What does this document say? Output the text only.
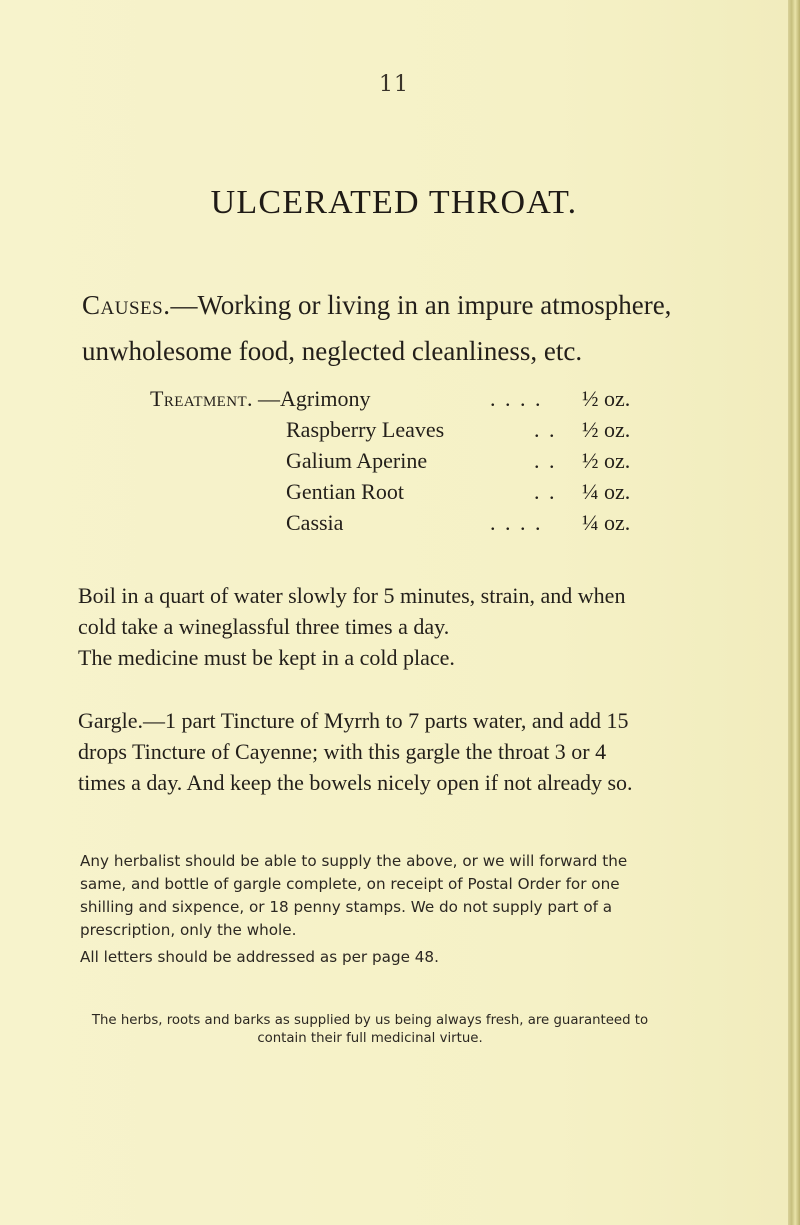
11
ULCERATED THROAT.
Causes.—Working or living in an impure atmosphere, unwholesome food, neglected cleanliness, etc.
Treatment. —Agrimony	. . . . ½ oz.
Raspberry Leaves	. . ½ oz.
Galium Aperine	. . ½ oz.
Gentian Root	. . ¼ oz.
Cassia	. . . . ¼ oz.
Boil in a quart of water slowly for 5 minutes, strain, and when cold take a wineglassful three times a day.
The medicine must be kept in a cold place.
Gargle.—1 part Tincture of Myrrh to 7 parts water, and add 15 drops Tincture of Cayenne; with this gargle the throat 3 or 4 times a day. And keep the bowels nicely open if not already so.
Any herbalist should be able to supply the above, or we will forward the same, and bottle of gargle complete, on receipt of Postal Order for one shilling and sixpence, or 18 penny stamps. We do not supply part of a prescription, only the whole.
All letters should be addressed as per page 48.
The herbs, roots and barks as supplied by us being always fresh, are guaranteed to contain their full medicinal virtue.
